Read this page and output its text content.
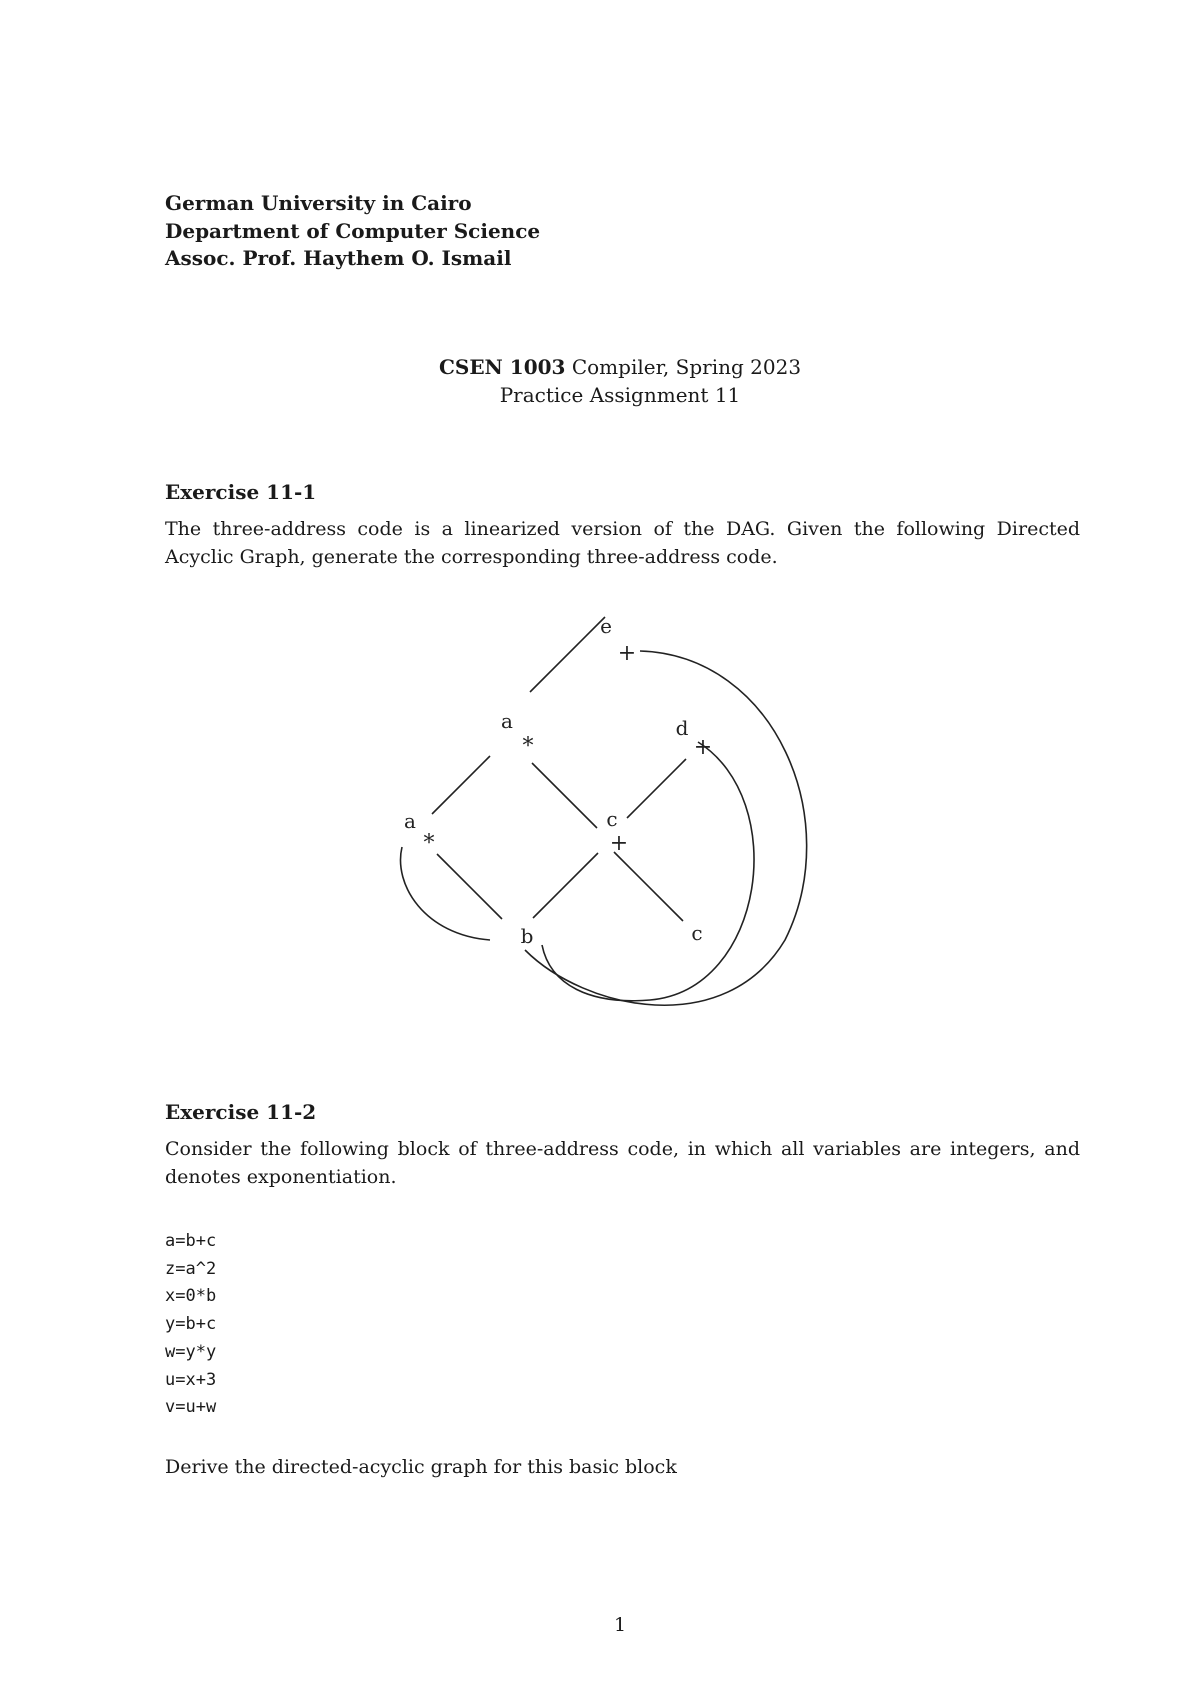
German University in Cairo
Department of Computer Science
Assoc. Prof. Haythem O. Ismail
CSEN 1003 Compiler, Spring 2023
Practice Assignment 11
Exercise 11-1
The three-address code is a linearized version of the DAG. Given the following Directed Acyclic Graph, generate the corresponding three-address code.
e
+
a
*
d
+
a
*
c
+
b	c
Exercise 11-2
Consider the following block of three-address code, in which all variables are integers, and denotes exponentiation.
a=b+c
z=a^2
x=0*b
y=b+c
w=y*y
u=x+3
v=u+w
Derive the directed-acyclic graph for this basic block
1
